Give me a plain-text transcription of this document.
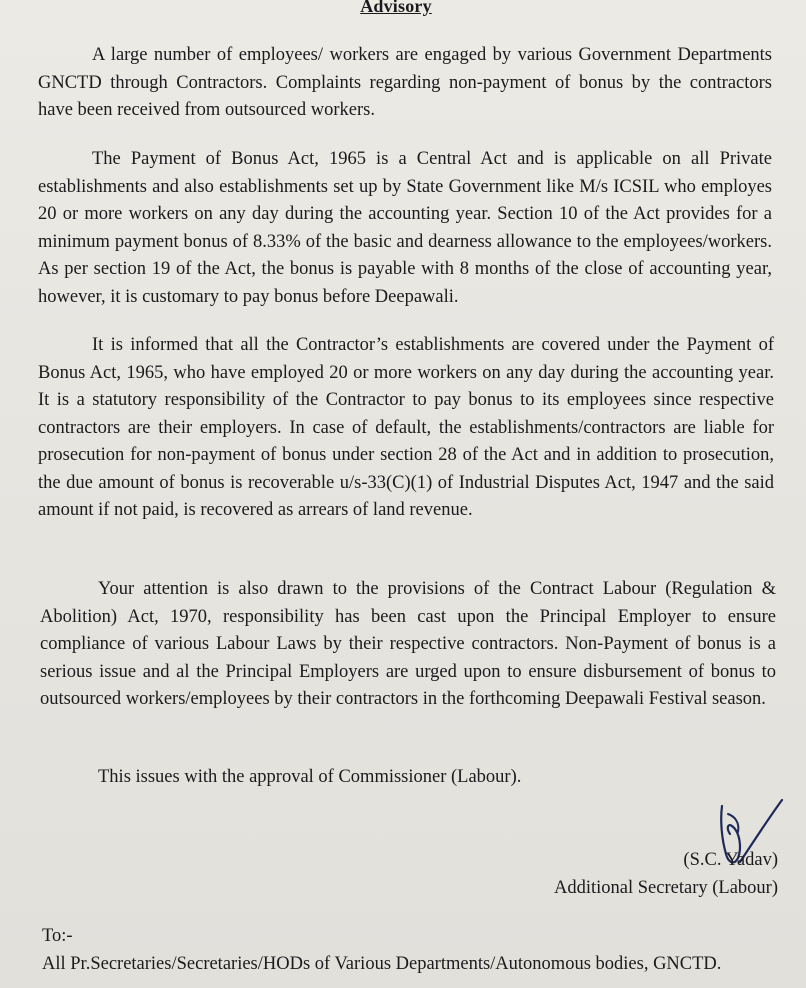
Advisory

A large number of employees/ workers are engaged by various Government Departments GNCTD through Contractors. Complaints regarding non-payment of bonus by the contractors have been received from outsourced workers.

The Payment of Bonus Act, 1965 is a Central Act and is applicable on all Private establishments and also establishments set up by State Government like M/s ICSIL who employes 20 or more workers on any day during the accounting year. Section 10 of the Act provides for a minimum payment bonus of 8.33% of the basic and dearness allowance to the employees/workers. As per section 19 of the Act, the bonus is payable with 8 months of the close of accounting year, however, it is customary to pay bonus before Deepawali.

It is informed that all the Contractor’s establishments are covered under the Payment of Bonus Act, 1965, who have employed 20 or more workers on any day during the accounting year. It is a statutory responsibility of the Contractor to pay bonus to its employees since respective contractors are their employers. In case of default, the establishments/contractors are liable for prosecution for non-payment of bonus under section 28 of the Act and in addition to prosecution, the due amount of bonus is recoverable u/s-33(C)(1) of Industrial Disputes Act, 1947 and the said amount if not paid, is recovered as arrears of land revenue.

Your attention is also drawn to the provisions of the Contract Labour (Regulation & Abolition) Act, 1970, responsibility has been cast upon the Principal Employer to ensure compliance of various Labour Laws by their respective contractors. Non-Payment of bonus is a serious issue and al the Principal Employers are urged upon to ensure disbursement of bonus to outsourced workers/employees by their contractors in the forthcoming Deepawali Festival season.

This issues with the approval of Commissioner (Labour).

(S.C. Yadav)
Additional Secretary (Labour)
To:-
All Pr.Secretaries/Secretaries/HODs of Various Departments/Autonomous bodies, GNCTD.
